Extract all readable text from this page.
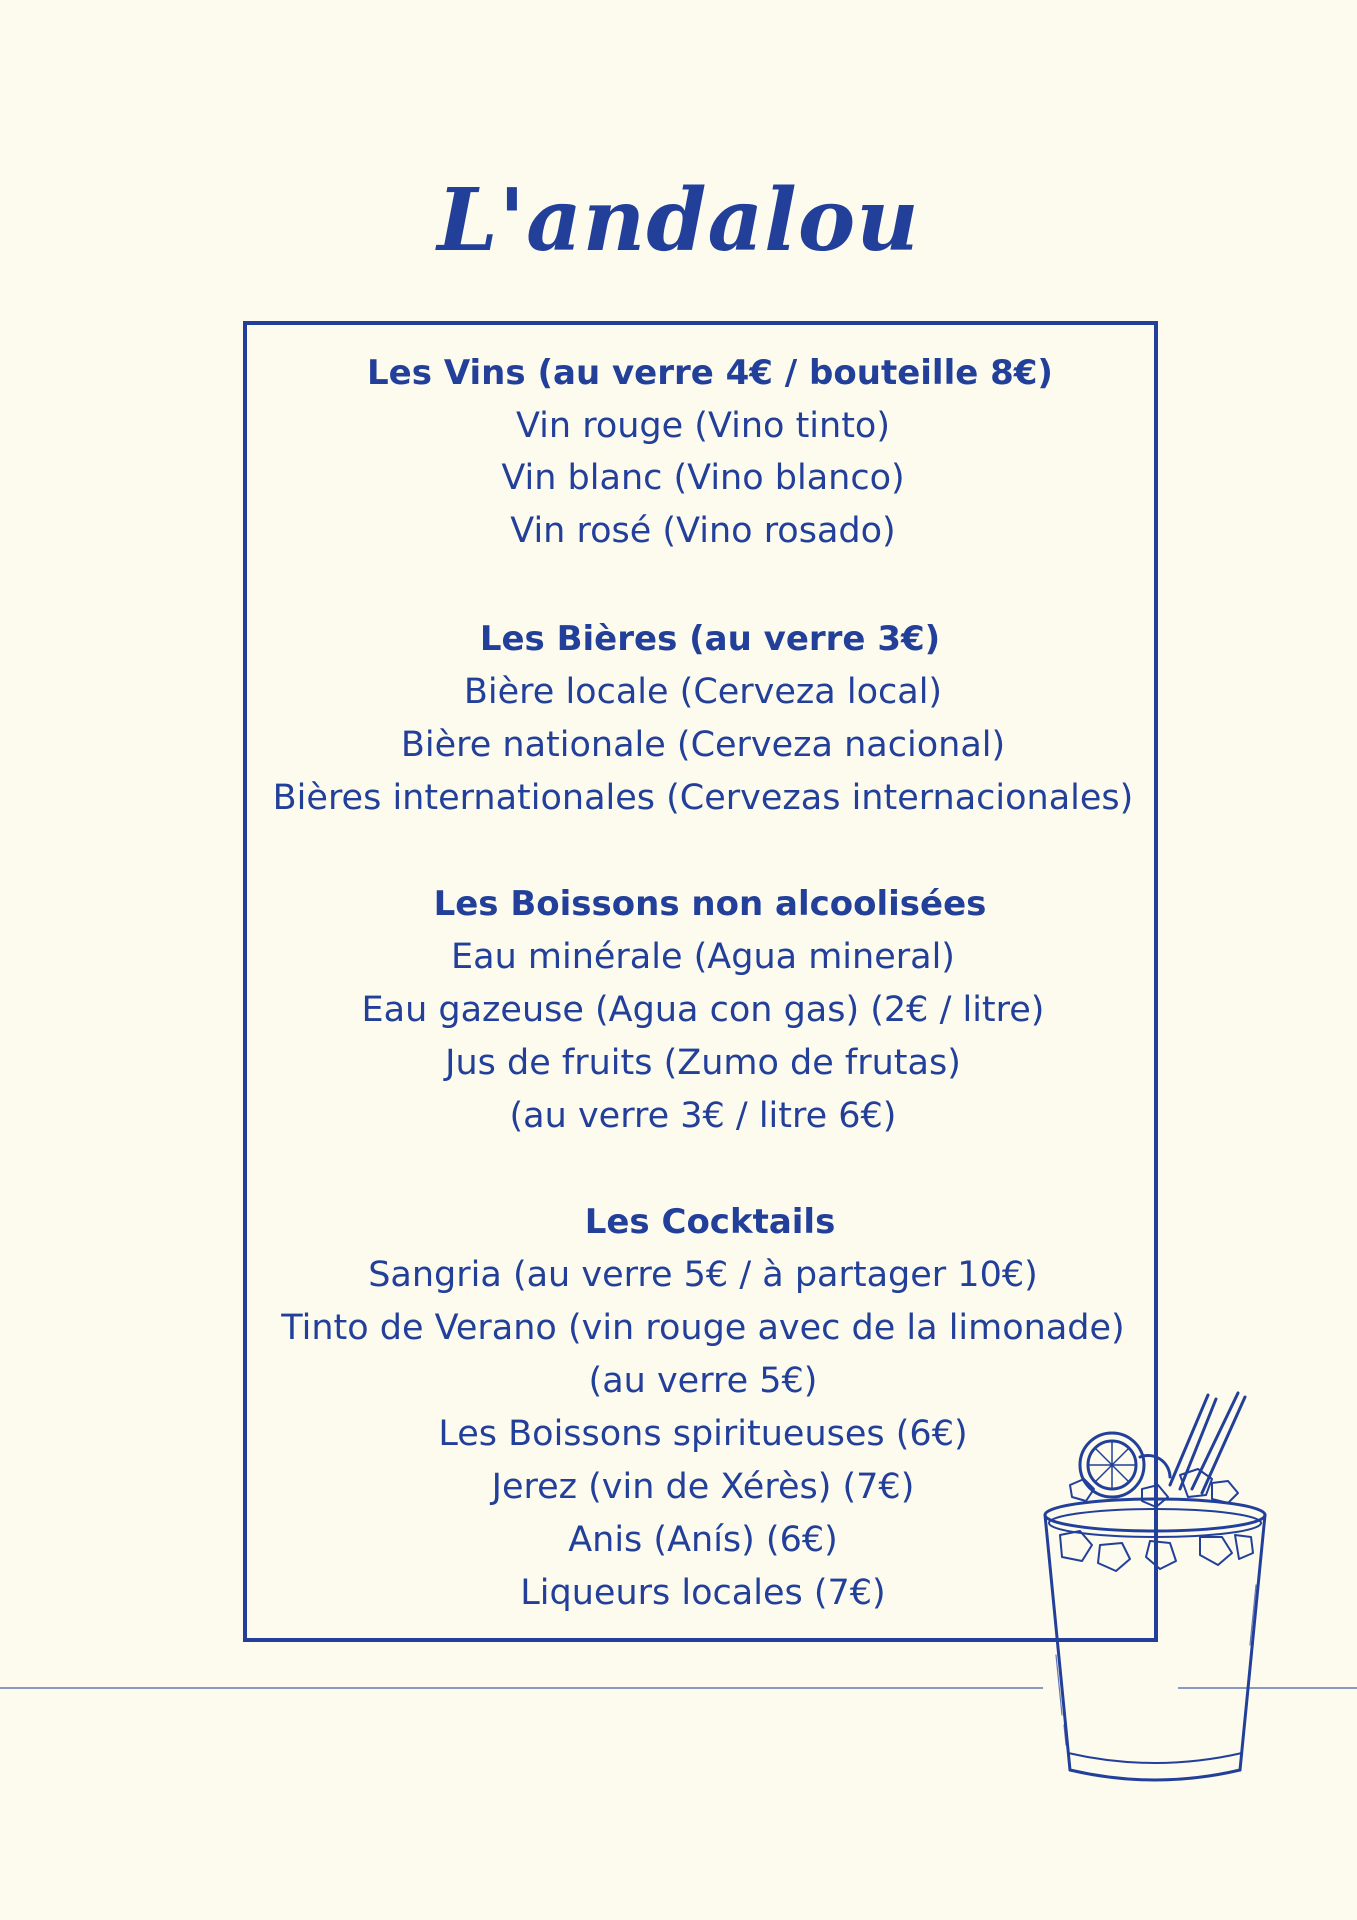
L'andalou
Les Vins (au verre 4€ / bouteille 8€)
Vin rouge (Vino tinto)
Vin blanc (Vino blanco)
Vin rosé (Vino rosado)
Les Bières (au verre 3€)
Bière locale (Cerveza local)
Bière nationale (Cerveza nacional)
Bières internationales (Cervezas internacionales)
Les Boissons non alcoolisées
Eau minérale (Agua mineral)
Eau gazeuse (Agua con gas) (2€ / litre)
Jus de fruits (Zumo de frutas)
(au verre 3€ / litre 6€)
Les Cocktails
Sangria (au verre 5€ / à partager 10€)
Tinto de Verano (vin rouge avec de la limonade)
(au verre 5€)
Les Boissons spiritueuses (6€)
Jerez (vin de Xérès) (7€)
Anis (Anís) (6€)
Liqueurs locales (7€)
